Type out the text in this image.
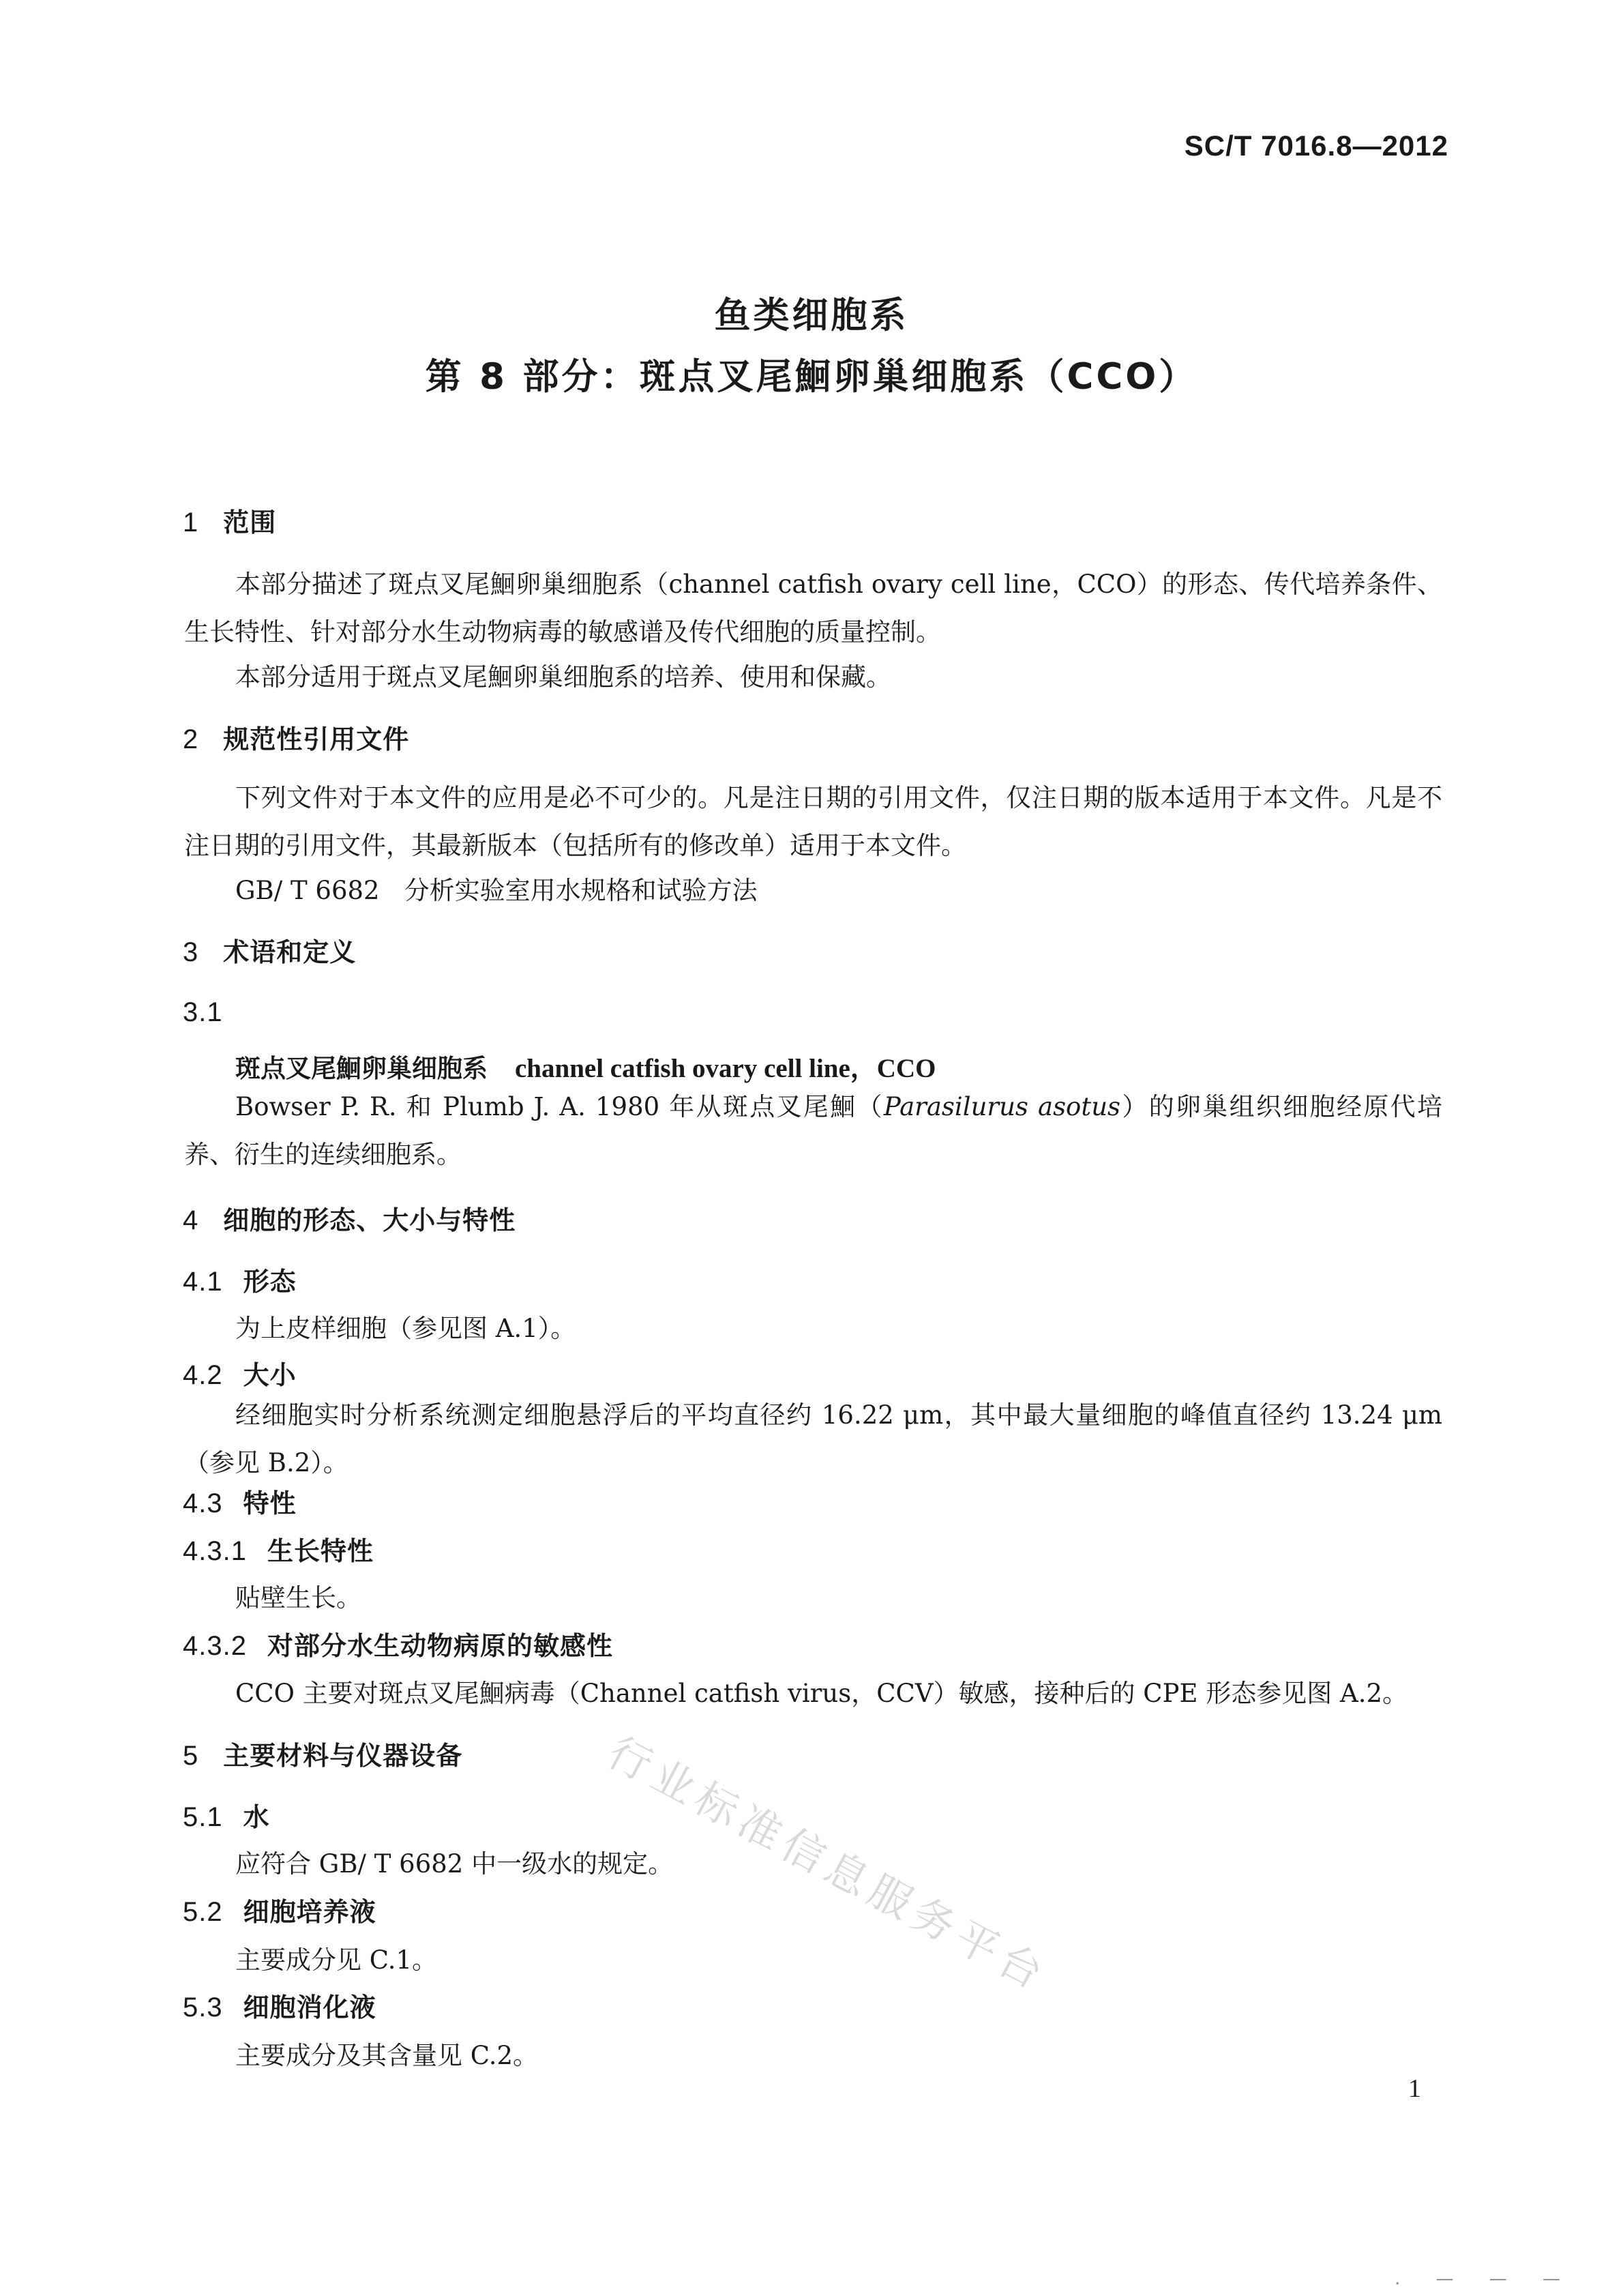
SC/T 7016.8—2012
鱼类细胞系
第 8 部分：斑点叉尾鮰卵巢细胞系（CCO）
1 范围
本部分描述了斑点叉尾鮰卵巢细胞系（channel catfish ovary cell line，CCO）的形态、传代培养条件、生长特性、针对部分水生动物病毒的敏感谱及传代细胞的质量控制。
本部分适用于斑点叉尾鮰卵巢细胞系的培养、使用和保藏。
2 规范性引用文件
下列文件对于本文件的应用是必不可少的。凡是注日期的引用文件，仅注日期的版本适用于本文件。凡是不注日期的引用文件，其最新版本（包括所有的修改单）适用于本文件。
GB/ T 6682 分析实验室用水规格和试验方法
3 术语和定义
3.1
斑点叉尾鮰卵巢细胞系 channel catfish ovary cell line，CCO
Bowser P. R. 和 Plumb J. A. 1980 年从斑点叉尾鮰（Parasilurus asotus）的卵巢组织细胞经原代培养、衍生的连续细胞系。
4 细胞的形态、大小与特性
4.1 形态
为上皮样细胞（参见图 A.1）。
4.2 大小
经细胞实时分析系统测定细胞悬浮后的平均直径约 16.22 μm，其中最大量细胞的峰值直径约 13.24 μm（参见 B.2）。
4.3 特性
4.3.1 生长特性
贴壁生长。
4.3.2 对部分水生动物病原的敏感性
CCO 主要对斑点叉尾鮰病毒（Channel catfish virus，CCV）敏感，接种后的 CPE 形态参见图 A.2。
5 主要材料与仪器设备
5.1 水
应符合 GB/ T 6682 中一级水的规定。
5.2 细胞培养液
主要成分见 C.1。
5.3 细胞消化液
主要成分及其含量见 C.2。
行业标准信息服务平台
1
. — — —
